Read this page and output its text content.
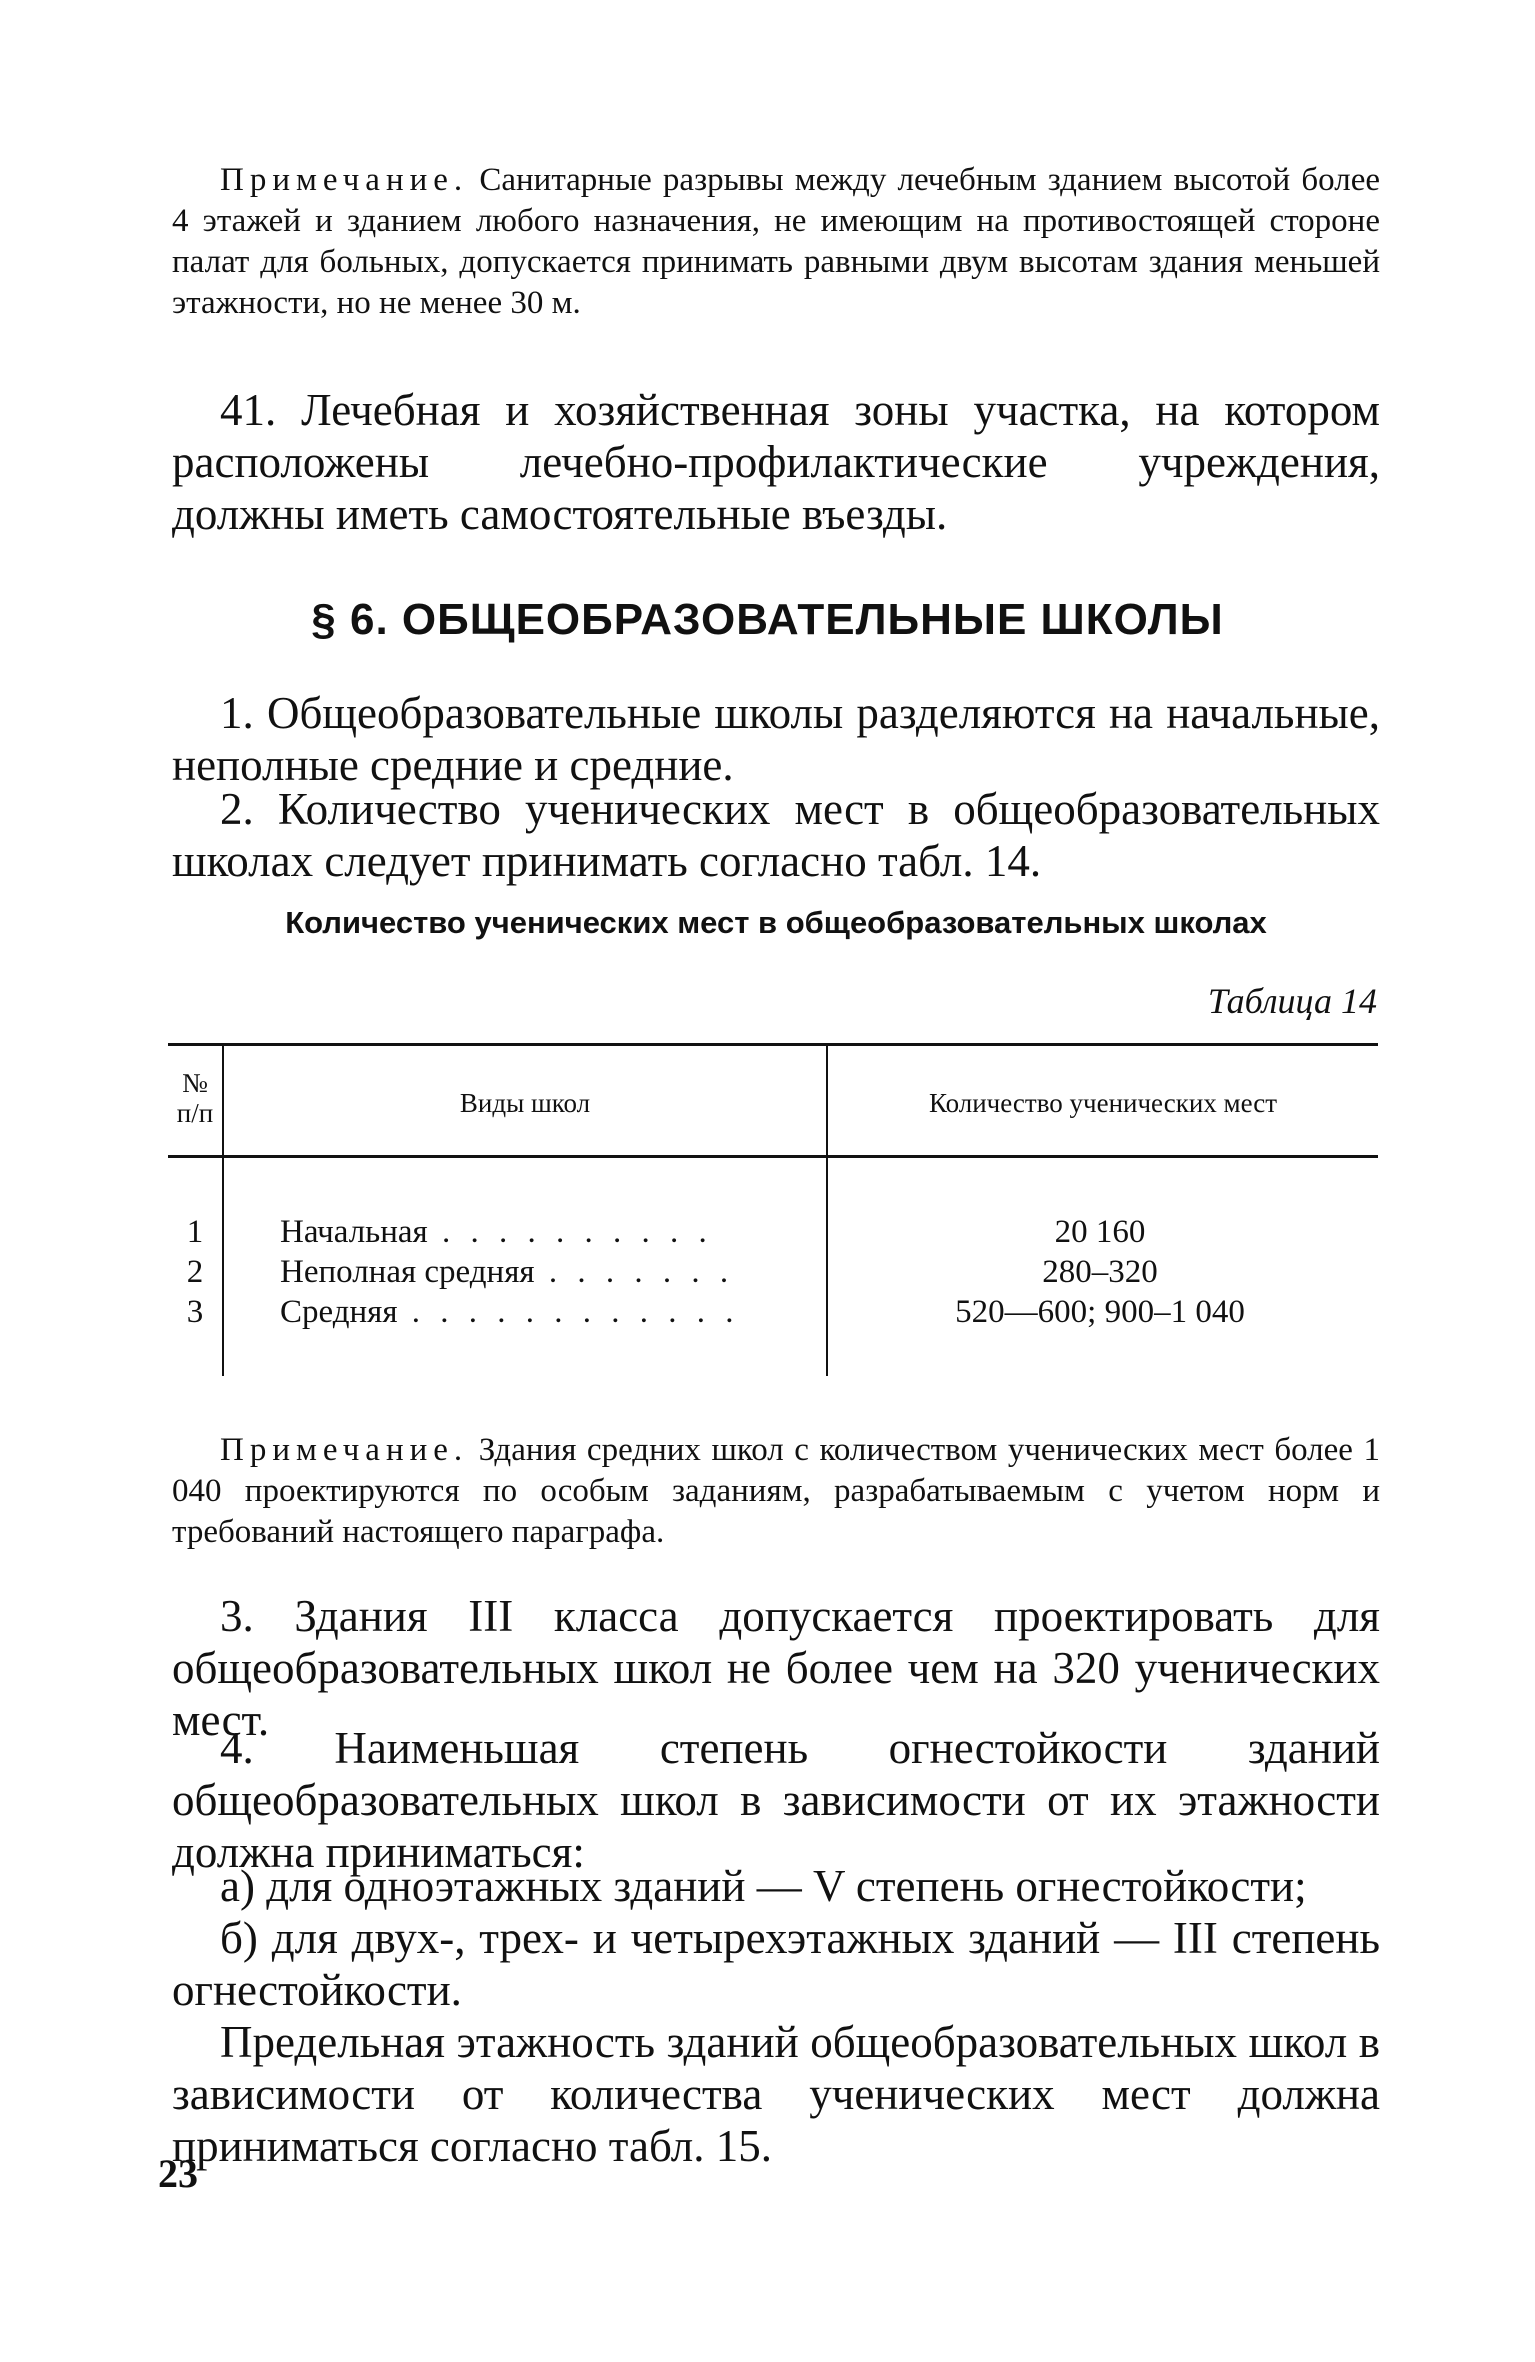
Примечание. Санитарные разрывы между лечебным зданием высотой более 4 этажей и зданием любого назначения, не имеющим на противостоящей стороне палат для больных, допускается принимать равными двум высотам здания меньшей этажности, но не менее 30 м.
41. Лечебная и хозяйственная зоны участка, на котором расположены лечебно-профилактические учреждения, должны иметь самостоятельные въезды.
§ 6. ОБЩЕОБРАЗОВАТЕЛЬНЫЕ ШКОЛЫ
1. Общеобразовательные школы разделяются на начальные, неполные средние и средние.
2. Количество ученических мест в общеобразовательных школах следует принимать согласно табл. 14.
Количество ученических мест в общеобразовательных школах
Таблица 14
№ п/п	Виды школ	Количество ученических мест
1	Начальная . . . . . . . . . .	20 160
2	Неполная средняя . . . . . . .	280–320
3	Средняя . . . . . . . . . . . .	520—600; 900–1 040
Примечание. Здания средних школ с количеством ученических мест более 1 040 проектируются по особым заданиям, разрабатываемым с учетом норм и требований настоящего параграфа.
3. Здания III класса допускается проектировать для общеобразовательных школ не более чем на 320 ученических мест.
4. Наименьшая степень огнестойкости зданий общеобразовательных школ в зависимости от их этажности должна приниматься:
а) для одноэтажных зданий — V степень огнестойкости;
б) для двух-, трех- и четырехэтажных зданий — III степень огнестойкости.
Предельная этажность зданий общеобразовательных школ в зависимости от количества ученических мест должна приниматься согласно табл. 15.
23
